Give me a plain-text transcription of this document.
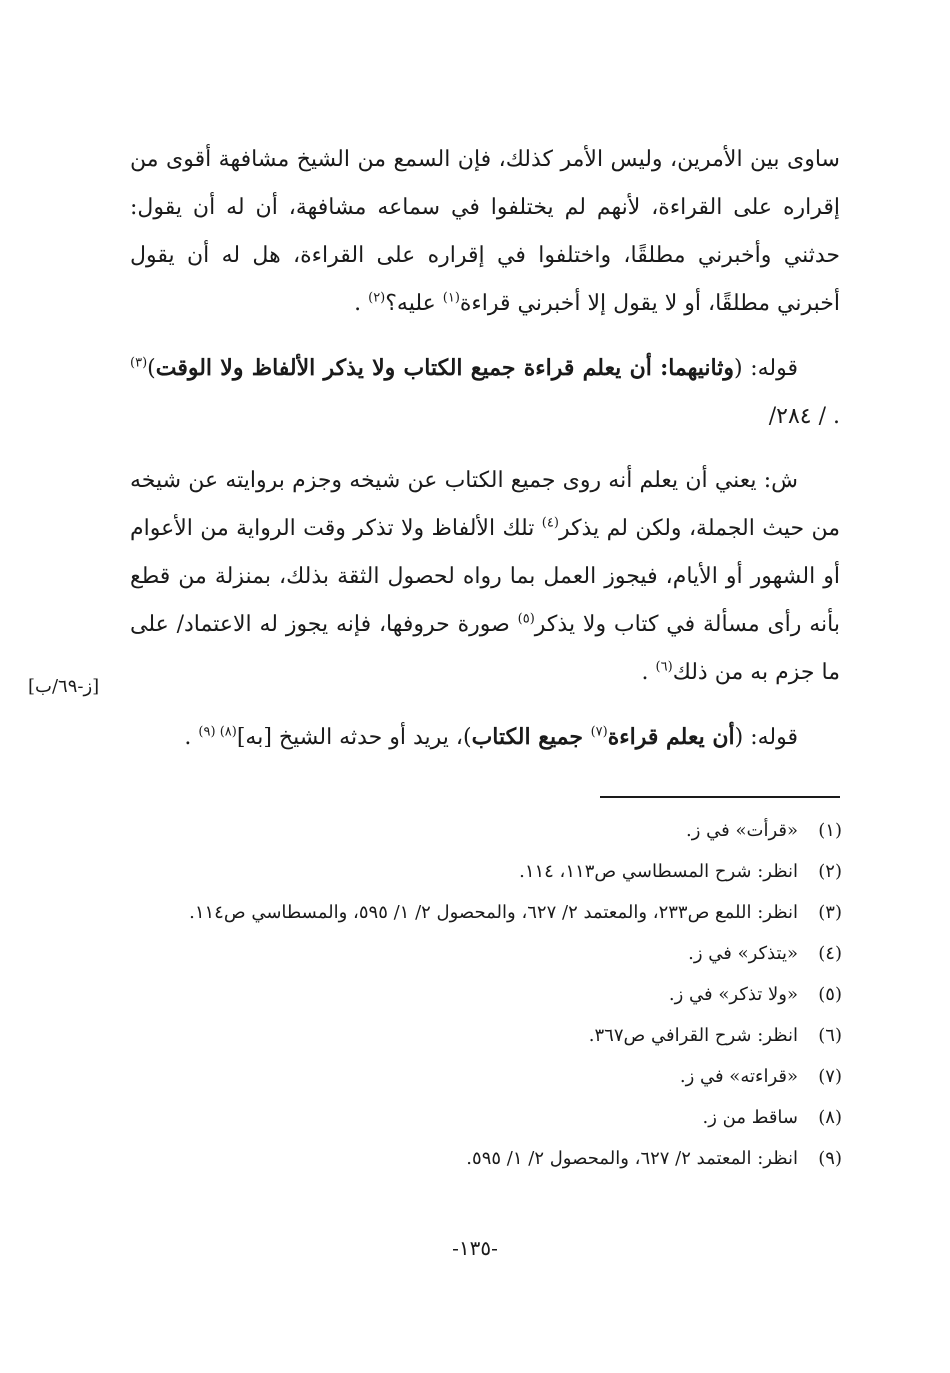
ساوى بين الأمرين، وليس الأمر كذلك، فإن السمع من الشيخ مشافهة أقوى من إقراره على القراءة، لأنهم لم يختلفوا في سماعه مشافهة، أن له أن يقول: حدثني وأخبرني مطلقًا، واختلفوا في إقراره على القراءة، هل له أن يقول أخبرني مطلقًا، أو لا يقول إلا أخبرني قراءة$^{(١)}$ عليه؟$^{(٢)}$ .

قوله: (وثانيهما: أن يعلم قراءة جميع الكتاب ولا يذكر الألفاظ ولا الوقت)$^{(٣)}$ . / ٢٨٤/

ش: يعني أن يعلم أنه روى جميع الكتاب عن شيخه وجزم بروايته عن شيخه من حيث الجملة، ولكن لم يذكر$^{(٤)}$ تلك الألفاظ ولا تذكر وقت الرواية من الأعوام أو الشهور أو الأيام، فيجوز العمل بما رواه لحصول الثقة بذلك، بمنزلة من قطع بأنه رأى مسألة في كتاب ولا يذكر$^{(٥)}$ صورة حروفها، فإنه يجوز له الاعتماد/ على ما جزم به من ذلك$^{(٦)}$ .

قوله: (أن يعلم قراءة$^{(٧)}$ جميع الكتاب)، يريد أو حدثه الشيخ [به]$^{(٨) (٩)}$ .

[ز-٦٩/ب]
(١)
«قرأت» في ز.
(٢)
انظر: شرح المسطاسي ص١١٣، ١١٤.
(٣)
انظر: اللمع ص٢٣٣، والمعتمد ٢/ ٦٢٧، والمحصول ٢/ ١/ ٥٩٥، والمسطاسي ص١١٤.
(٤)
«يتذكر» في ز.
(٥)
«ولا تذكر» في ز.
(٦)
انظر: شرح القرافي ص٣٦٧.
(٧)
«قراءته» في ز.
(٨)
ساقط من ز.
(٩)
انظر: المعتمد ٢/ ٦٢٧، والمحصول ٢/ ١/ ٥٩٥.
-١٣٥-
